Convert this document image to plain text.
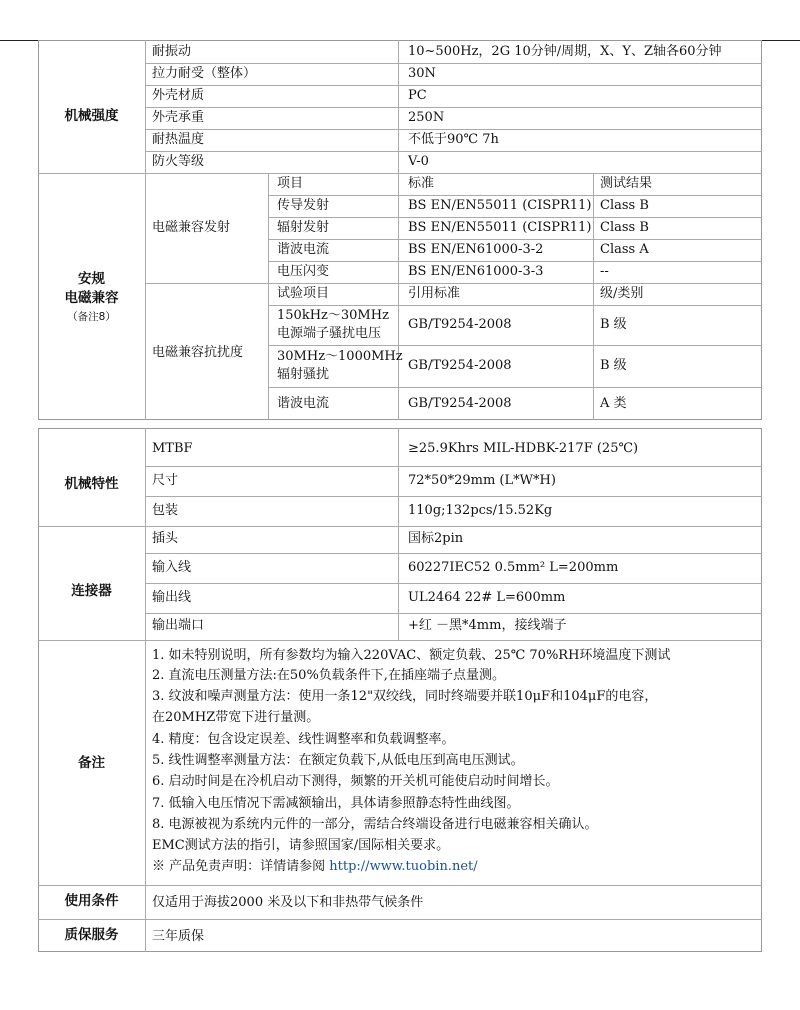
机械强度
耐振动	10~500Hz，2G 10分钟/周期，X、Y、Z轴各60分钟
拉力耐受（整体）	30N
外壳材质	PC
外壳承重	250N
耐热温度	不低于90℃ 7h
防火等级	V-0
安规
电磁兼容
（备注8）
电磁兼容发射
项目	标准	测试结果
传导发射	BS EN/EN55011 (CISPR11) Class B
辐射发射	BS EN/EN55011 (CISPR11) Class B
谐波电流	BS EN/EN61000-3-2	Class A
电压闪变	BS EN/EN61000-3-3	--
电磁兼容抗扰度
试验项目	引用标准	级/类别
150kHz～30MHz
电源端子骚扰电压
GB/T9254-2008	B 级
30MHz～1000MHz
辐射骚扰
GB/T9254-2008	B 级
谐波电流	GB/T9254-2008	A 类
机械特性
MTBF	≥25.9Khrs MIL-HDBK-217F (25℃)
尺寸	72*50*29mm (L*W*H)
包装	110g;132pcs/15.52Kg
连接器
插头	国标2pin
输入线	60227IEC52 0.5mm² L=200mm
输出线	UL2464 22# L=600mm
输出端口	+红 －黑*4mm，接线端子
备注
1. 如未特别说明，所有参数均为输入220VAC、额定负载、25℃ 70%RH环境温度下测试
2. 直流电压测量方法:在50%负载条件下,在插座端子点量测。
3. 纹波和噪声测量方法：使用一条12"双绞线，同时终端要并联10μF和104μF的电容，
在20MHZ带宽下进行量测。
4. 精度：包含设定误差、线性调整率和负载调整率。
5. 线性调整率测量方法：在额定负载下,从低电压到高电压测试。
6. 启动时间是在冷机启动下测得，频繁的开关机可能使启动时间增长。
7. 低输入电压情况下需减额输出，具体请参照静态特性曲线图。
8. 电源被视为系统内元件的一部分，需结合终端设备进行电磁兼容相关确认。
EMC测试方法的指引，请参照国家/国际相关要求。
※ 产品免责声明：详情请参阅 http://www.tuobin.net/
使用条件	仅适用于海拔2000 米及以下和非热带气候条件
质保服务	三年质保
